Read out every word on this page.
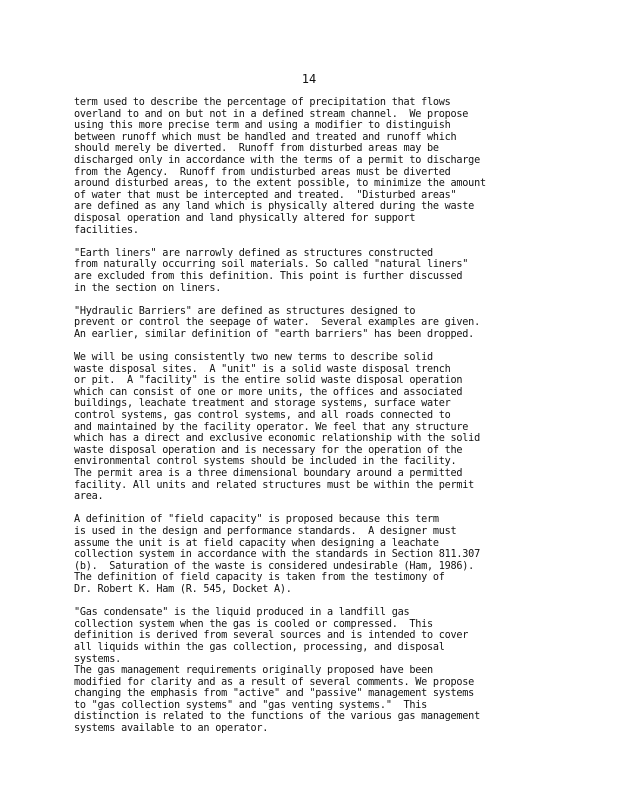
14

term used to describe the percentage of precipitation that flows
overland to and on but not in a defined stream channel.  We propose
using this more precise term and using a modifier to distinguish
between runoff which must be handled and treated and runoff which
should merely be diverted.  Runoff from disturbed areas may be
discharged only in accordance with the terms of a permit to discharge
from the Agency.  Runoff from undisturbed areas must be diverted
around disturbed areas, to the extent possible, to minimize the amount
of water that must be intercepted and treated.  "Disturbed areas"
are defined as any land which is physically altered during the waste
disposal operation and land physically altered for support
facilities.

"Earth liners" are narrowly defined as structures constructed
from naturally occurring soil materials. So called "natural liners"
are excluded from this definition. This point is further discussed
in the section on liners.

"Hydraulic Barriers" are defined as structures designed to
prevent or control the seepage of water.  Several examples are given.
An earlier, similar definition of "earth barriers" has been dropped.

We will be using consistently two new terms to describe solid
waste disposal sites.  A "unit" is a solid waste disposal trench
or pit.  A "facility" is the entire solid waste disposal operation
which can consist of one or more units, the offices and associated
buildings, leachate treatment and storage systems, surface water
control systems, gas control systems, and all roads connected to
and maintained by the facility operator. We feel that any structure
which has a direct and exclusive economic relationship with the solid
waste disposal operation and is necessary for the operation of the
environmental control systems should be included in the facility.
The permit area is a three dimensional boundary around a permitted
facility. All units and related structures must be within the permit
area.

A definition of "field capacity" is proposed because this term
is used in the design and performance standards.  A designer must
assume the unit is at field capacity when designing a leachate
collection system in accordance with the standards in Section 811.307
(b).  Saturation of the waste is considered undesirable (Ham, 1986).
The definition of field capacity is taken from the testimony of
Dr. Robert K. Ham (R. 545, Docket A).

"Gas condensate" is the liquid produced in a landfill gas
collection system when the gas is cooled or compressed.  This
definition is derived from several sources and is intended to cover
all liquids within the gas collection, processing, and disposal
systems.

The gas management requirements originally proposed have been
modified for clarity and as a result of several comments. We propose
changing the emphasis from "active" and "passive" management systems
to "gas collection systems" and "gas venting systems."  This
distinction is related to the functions of the various gas management
systems available to an operator.
